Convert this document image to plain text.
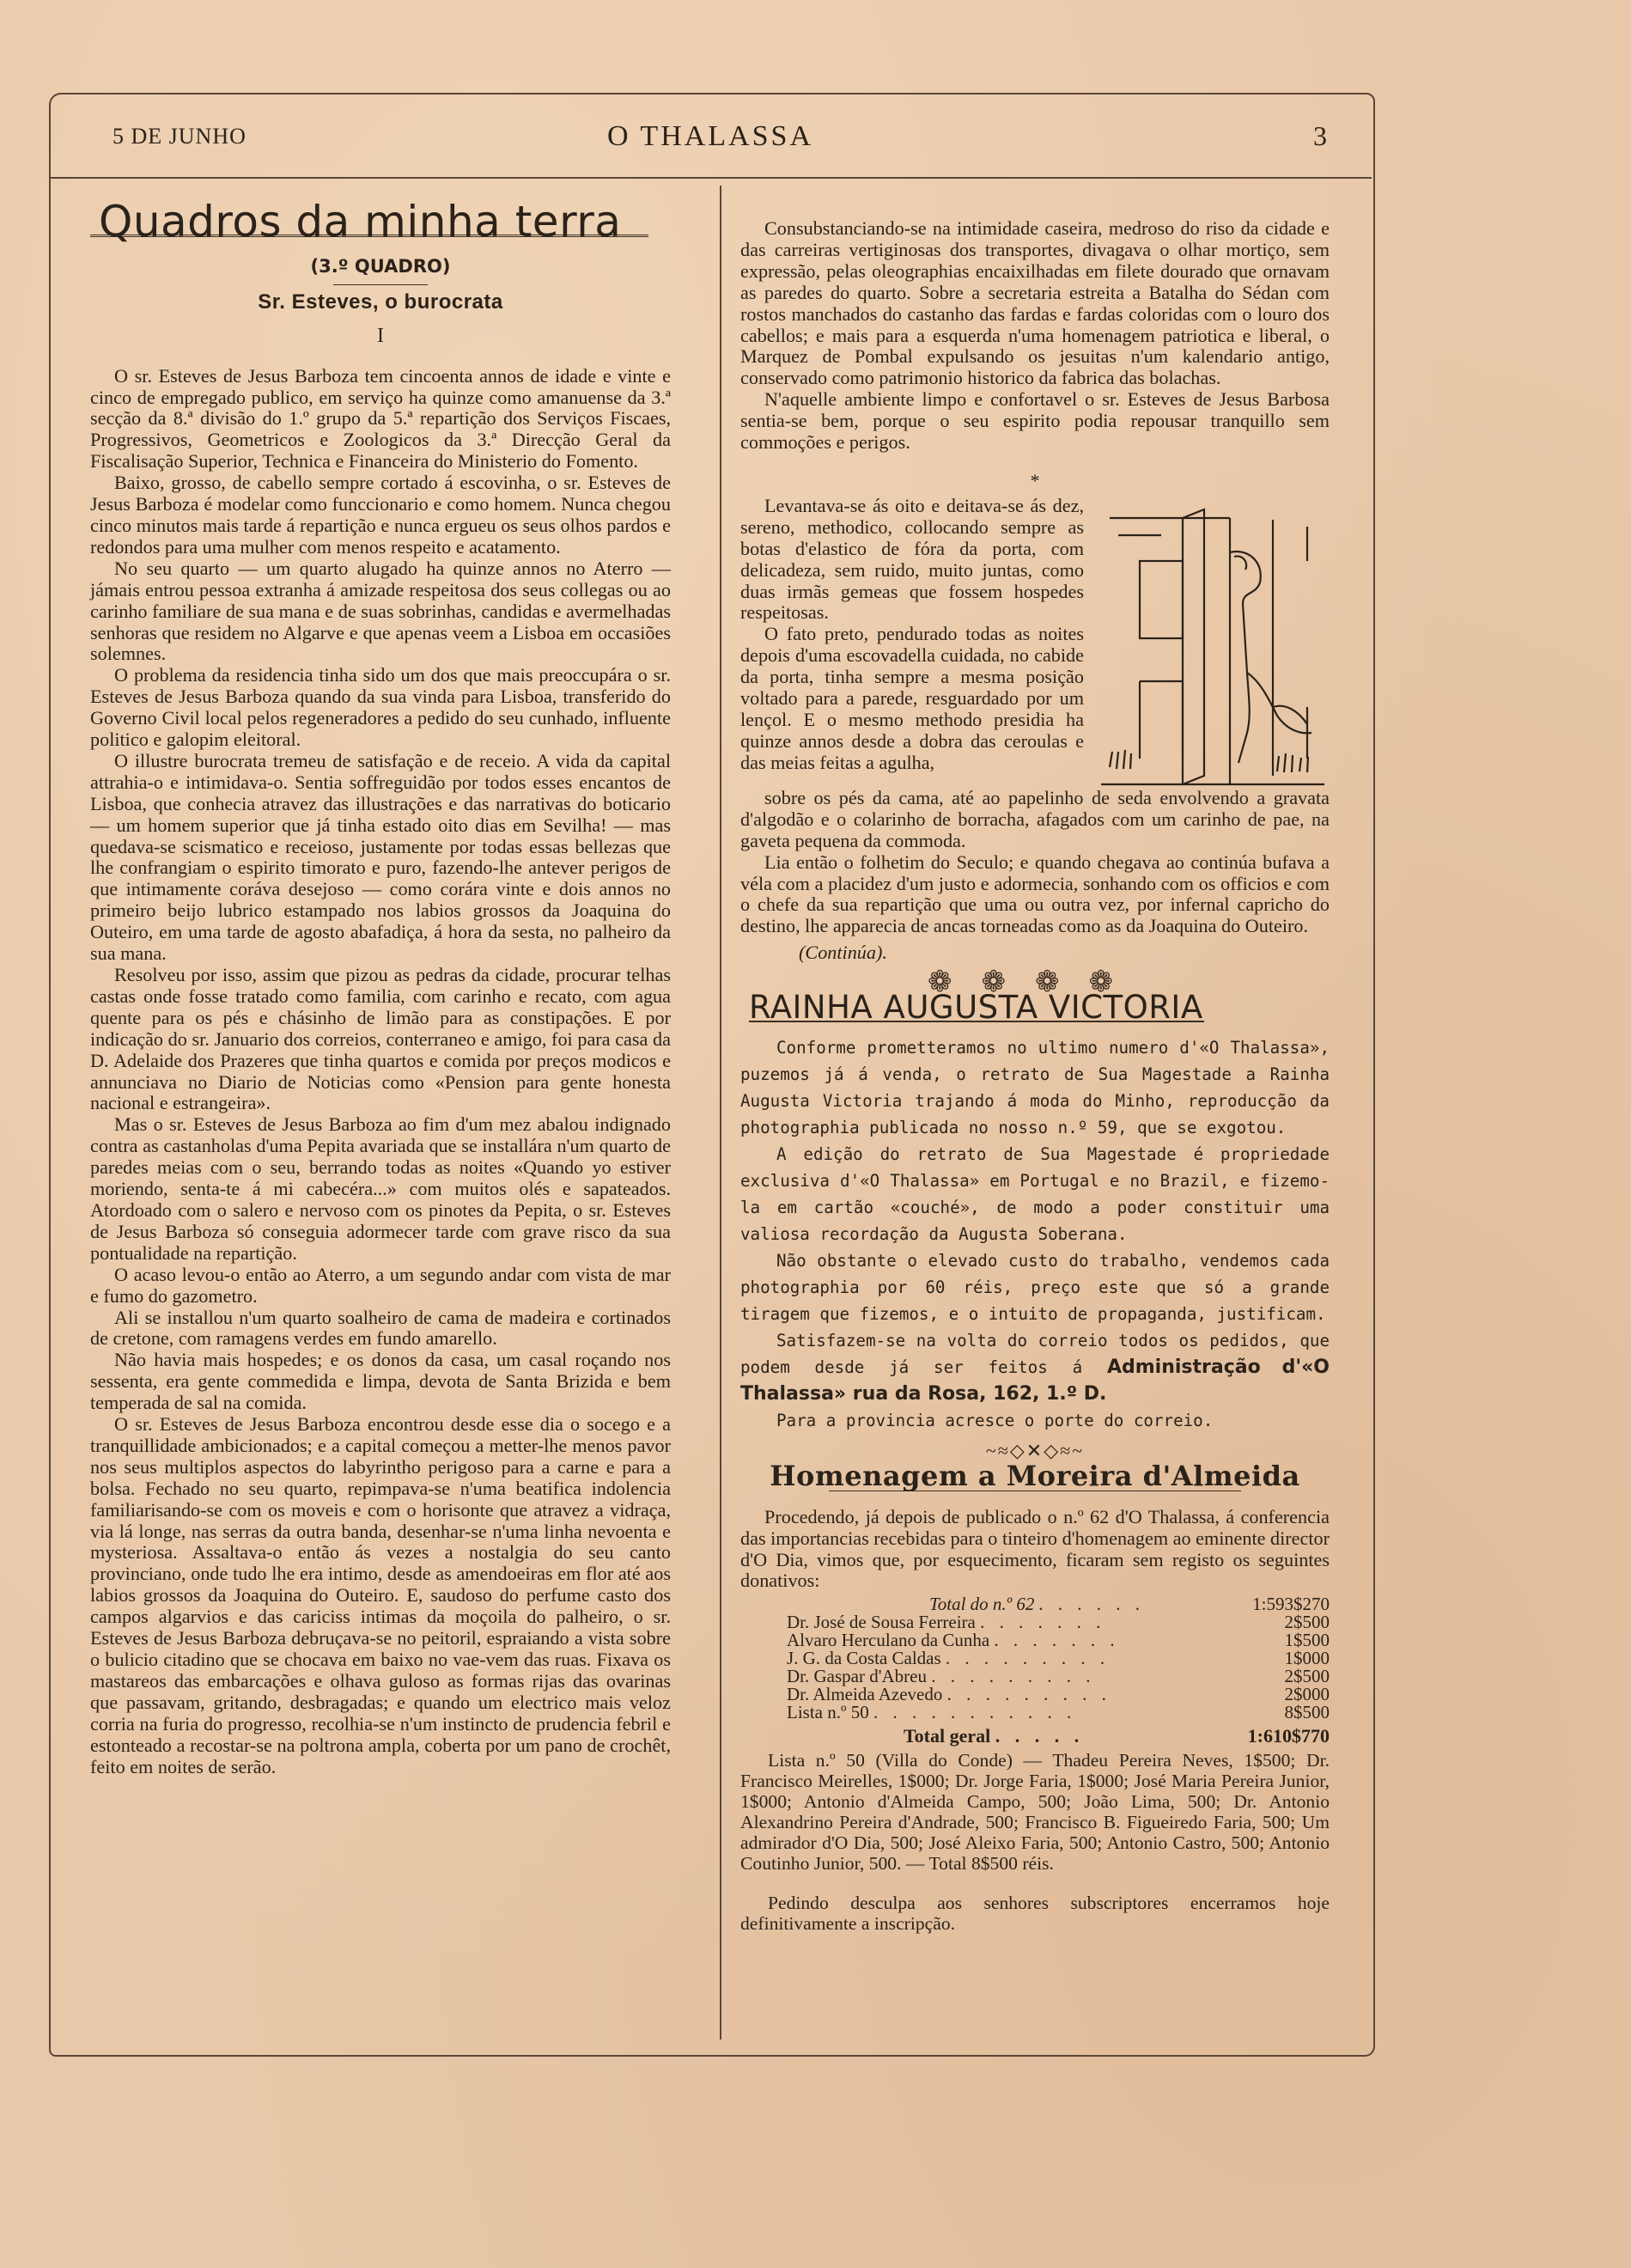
O THALASSA
5 DE JUNHO	3
Quadros da minha terra
(3.º QUADRO)
Sr. Esteves, o burocrata
I

O sr. Esteves de Jesus Barboza tem cincoenta annos de idade e vinte e cinco de empregado publico, em serviço ha quinze como amanuense da 3.ª secção da 8.ª divisão do 1.º grupo da 5.ª repartição dos Serviços Fiscaes, Progressivos, Geometricos e Zoologicos da 3.ª Direcção Geral da Fiscalisação Superior, Technica e Financeira do Ministerio do Fomento.

Baixo, grosso, de cabello sempre cortado á escovinha, o sr. Esteves de Jesus Barboza é modelar como funccionario e como homem. Nunca chegou cinco minutos mais tarde á repartição e nunca ergueu os seus olhos pardos e redondos para uma mulher com menos respeito e acatamento.

No seu quarto — um quarto alugado ha quinze annos no Aterro — jámais entrou pessoa extranha á amizade respeitosa dos seus collegas ou ao carinho familiare de sua mana e de suas sobrinhas, candidas e avermelhadas senhoras que residem no Algarve e que apenas veem a Lisboa em occasiões solemnes.

O problema da residencia tinha sido um dos que mais preoccupára o sr. Esteves de Jesus Barboza quando da sua vinda para Lisboa, transferido do Governo Civil local pelos regeneradores a pedido do seu cunhado, influente politico e galopim eleitoral.

O illustre burocrata tremeu de satisfação e de receio. A vida da capital attrahia-o e intimidava-o. Sentia soffreguidão por todos esses encantos de Lisboa, que conhecia atravez das illustrações e das narrativas do boticario — um homem superior que já tinha estado oito dias em Sevilha! — mas quedava-se scismatico e receioso, justamente por todas essas bellezas que lhe confrangiam o espirito timorato e puro, fazendo-lhe antever perigos de que intimamente coráva desejoso — como corára vinte e dois annos no primeiro beijo lubrico estampado nos labios grossos da Joaquina do Outeiro, em uma tarde de agosto abafadiça, á hora da sesta, no palheiro da sua mana.

Resolveu por isso, assim que pizou as pedras da cidade, procurar telhas castas onde fosse tratado como familia, com carinho e recato, com agua quente para os pés e chásinho de limão para as constipações. E por indicação do sr. Januario dos correios, conterraneo e amigo, foi para casa da D. Adelaide dos Prazeres que tinha quartos e comida por preços modicos e annunciava no Diario de Noticias como «Pension para gente honesta nacional e estrangeira».

Mas o sr. Esteves de Jesus Barboza ao fim d'um mez abalou indignado contra as castanholas d'uma Pepita avariada que se installára n'um quarto de paredes meias com o seu, berrando todas as noites «Quando yo estiver moriendo, senta-te á mi cabecéra...» com muitos olés e sapateados. Atordoado com o salero e nervoso com os pinotes da Pepita, o sr. Esteves de Jesus Barboza só conseguia adormecer tarde com grave risco da sua pontualidade na repartição.

O acaso levou-o então ao Aterro, a um segundo andar com vista de mar e fumo do gazometro.

Ali se installou n'um quarto soalheiro de cama de madeira e cortinados de cretone, com ramagens verdes em fundo amarello.

Não havia mais hospedes; e os donos da casa, um casal roçando nos sessenta, era gente commedida e limpa, devota de Santa Brizida e bem temperada de sal na comida.

O sr. Esteves de Jesus Barboza encontrou desde esse dia o socego e a tranquillidade ambicionados; e a capital começou a metter-lhe menos pavor nos seus multiplos aspectos do labyrintho perigoso para a carne e para a bolsa. Fechado no seu quarto, repimpava-se n'uma beatifica indolencia familiarisando-se com os moveis e com o horisonte que atravez a vidraça, via lá longe, nas serras da outra banda, desenhar-se n'uma linha nevoenta e mysteriosa. Assaltava-o então ás vezes a nostalgia do seu canto provinciano, onde tudo lhe era intimo, desde as amendoeiras em flor até aos labios grossos da Joaquina do Outeiro. E, saudoso do perfume casto dos campos algarvios e das cariciss intimas da moçoila do palheiro, o sr. Esteves de Jesus Barboza debruçava-se no peitoril, espraiando a vista sobre o bulicio citadino que se chocava em baixo no vae-vem das ruas. Fixava os mastareos das embarcações e olhava guloso as formas rijas das ovarinas que passavam, gritando, desbragadas; e quando um electrico mais veloz corria na furia do progresso, recolhia-se n'um instincto de prudencia febril e estonteado a recostar-se na poltrona ampla, coberta por um pano de crochêt, feito em noites de serão.

Consubstanciando-se na intimidade caseira, medroso do riso da cidade e das carreiras vertiginosas dos transportes, divagava o olhar mortiço, sem expressão, pelas oleographias encaixilhadas em filete dourado que ornavam as paredes do quarto. Sobre a secretaria estreita a Batalha do Sédan com rostos manchados do castanho das fardas e fardas coloridas com o louro dos cabellos; e mais para a esquerda n'uma homenagem patriotica e liberal, o Marquez de Pombal expulsando os jesuitas n'um kalendario antigo, conservado como patrimonio historico da fabrica das bolachas.

N'aquelle ambiente limpo e confortavel o sr. Esteves de Jesus Barbosa sentia-se bem, porque o seu espirito podia repousar tranquillo sem commoções e perigos.

*

Levantava-se ás oito e deitava-se ás dez, sereno, methodico, collocando sempre as botas d'elastico de fóra da porta, com delicadeza, sem ruido, muito juntas, como duas irmãs gemeas que fossem hospedes respeitosas.

O fato preto, pendurado todas as noites depois d'uma escovadella cuidada, no cabide da porta, tinha sempre a mesma posição voltado para a parede, resguardado por um lençol. E o mesmo methodo presidia ha quinze annos desde a dobra das ceroulas e das meias feitas a agulha,

sobre os pés da cama, até ao papelinho de seda envolvendo a gravata d'algodão e o colarinho de borracha, afagados com um carinho de pae, na gaveta pequena da commoda.

Lia então o folhetim do Seculo; e quando chegava ao continúa bufava a véla com a placidez d'um justo e adormecia, sonhando com os officios e com o chefe da sua repartição que uma ou outra vez, por infernal capricho do destino, lhe apparecia de ancas torneadas como as da Joaquina do Outeiro.

(Continúa).
❁❁❁❁
RAINHA AUGUSTA VICTORIA

Conforme prometteramos no ultimo numero d'«O Thalassa», puzemos já á venda, o retrato de Sua Magestade a Rainha Augusta Victoria trajando á moda do Minho, reproducção da photographia publicada no nosso n.º 59, que se exgotou.

A edição do retrato de Sua Magestade é propriedade exclusiva d'«O Thalassa» em Portugal e no Brazil, e fizemo-la em cartão «couché», de modo a poder constituir uma valiosa recordação da Augusta Soberana.

Não obstante o elevado custo do trabalho, vendemos cada photographia por 60 réis, preço este que só a grande tiragem que fizemos, e o intuito de propaganda, justificam.

Satisfazem-se na volta do correio todos os pedidos, que podem desde já ser feitos á Administração d'«O Thalassa» rua da Rosa, 162, 1.º D.

Para a provincia acresce o porte do correio.

~≈◇✕◇≈~
Homenagem a Moreira d'Almeida

Procedendo, já depois de publicado o n.º 62 d'O Thalassa, á conferencia das importancias recebidas para o tinteiro d'homenagem ao eminente director d'O Dia, vimos que, por esquecimento, ficaram sem registo os seguintes donativos:

Total do n.º 62 . . . . . .	1:593$270
Dr. José de Sousa Ferreira . . . . . . .	2$500
Alvaro Herculano da Cunha . . . . . . .	1$500
J. G. da Costa Caldas . . . . . . . . .	1$000
Dr. Gaspar d'Abreu . . . . . . . . .	2$500
Dr. Almeida Azevedo . . . . . . . . .	2$000
Lista n.º 50 . . . . . . . . . . .	8$500
Total geral . . . . .	1:610$770

Lista n.º 50 (Villa do Conde) — Thadeu Pereira Neves, 1$500; Dr. Francisco Meirelles, 1$000; Dr. Jorge Faria, 1$000; José Maria Pereira Junior, 1$000; Antonio d'Almeida Campo, 500; João Lima, 500; Dr. Antonio Alexandrino Pereira d'Andrade, 500; Francisco B. Figueiredo Faria, 500; Um admirador d'O Dia, 500; José Aleixo Faria, 500; Antonio Castro, 500; Antonio Coutinho Junior, 500. — Total 8$500 réis.

Pedindo desculpa aos senhores subscriptores encerramos hoje definitivamente a inscripção.
